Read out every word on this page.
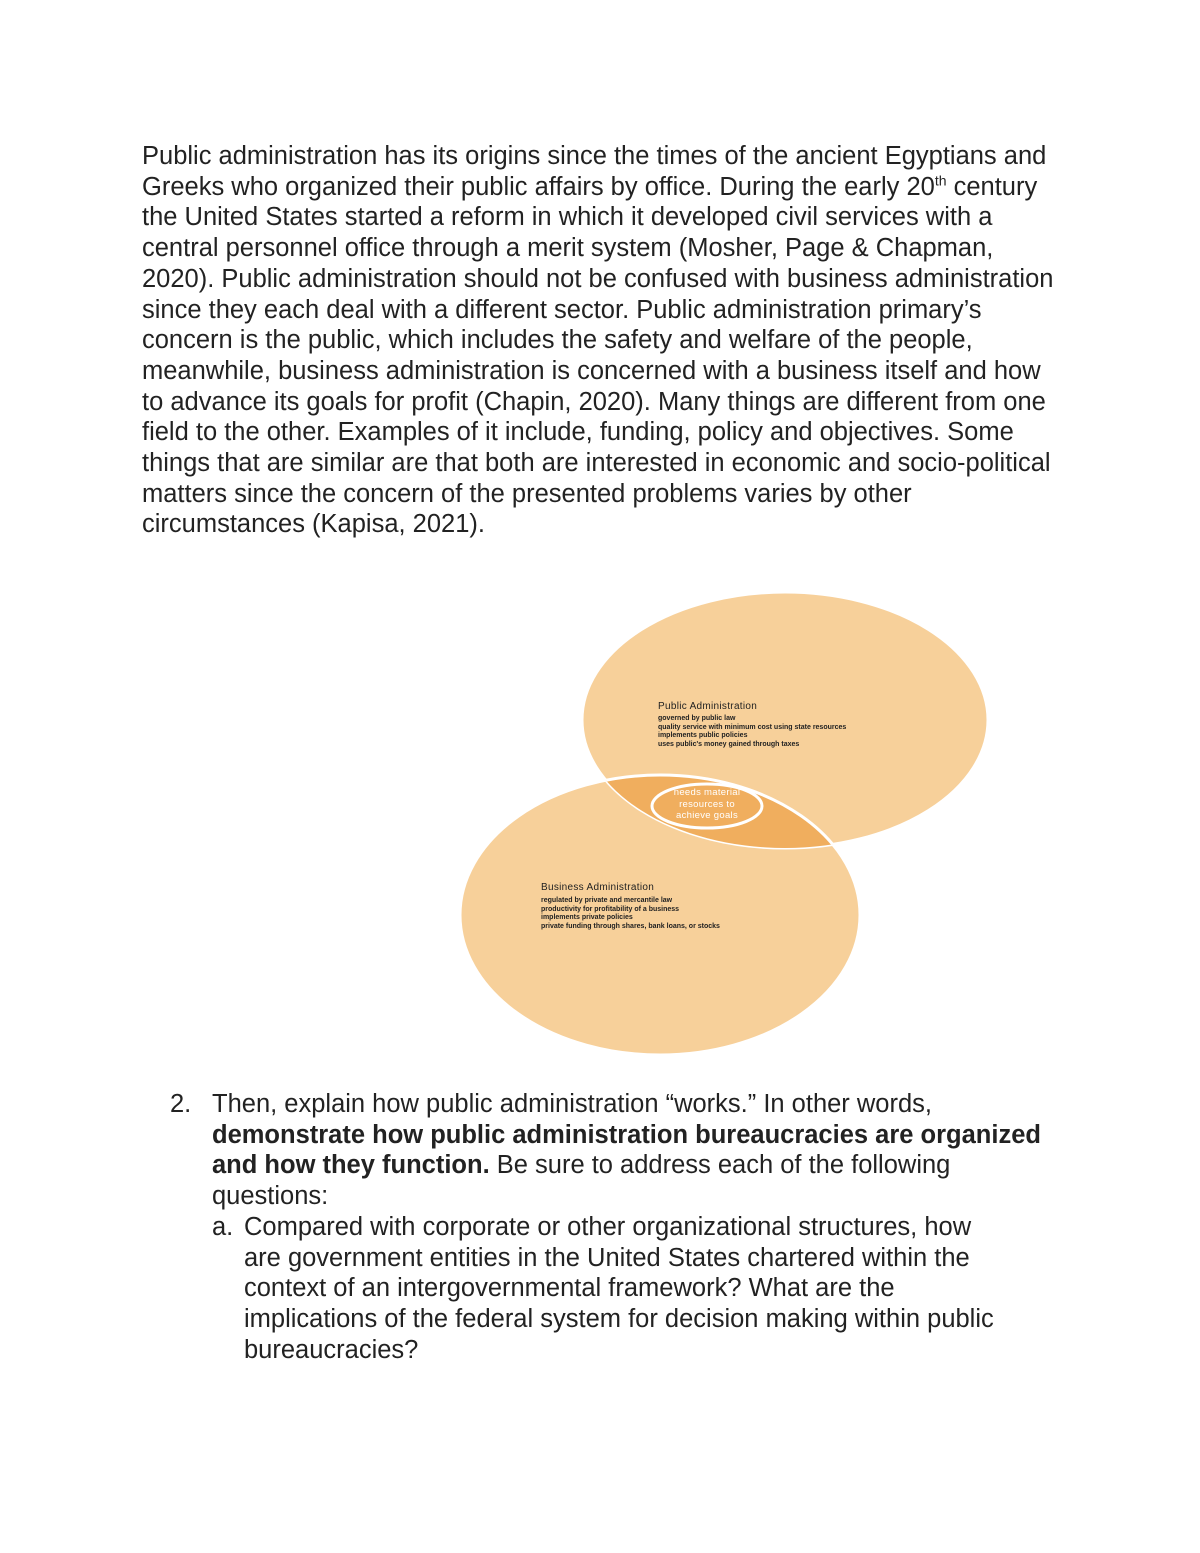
Public administration has its origins since the times of the ancient Egyptians and Greeks who organized their public affairs by office. During the early 20th century the United States started a reform in which it developed civil services with a central personnel office through a merit system (Mosher, Page & Chapman, 2020). Public administration should not be confused with business administration since they each deal with a different sector. Public administration primary’s concern is the public, which includes the safety and welfare of the people, meanwhile, business administration is concerned with a business itself and how to advance its goals for profit (Chapin, 2020). Many things are different from one field to the other. Examples of it include, funding, policy and objectives. Some things that are similar are that both are interested in economic and socio-political matters since the concern of the presented problems varies by other circumstances (Kapisa, 2021).

Public Administration
governed by public law
quality service with minimum cost using state resources
implements public policies
uses public's money gained through taxes
needs material
resources to
achieve goals
Business Administration
regulated by private and mercantile law
productivity for profitability of a business
implements private policies
private funding through shares, bank loans, or stocks
2. Then, explain how public administration “works.” In other words, demonstrate how public administration bureaucracies are organized and how they function. Be sure to address each of the following questions:
a. Compared with corporate or other organizational structures, how are government entities in the United States chartered within the context of an intergovernmental framework? What are the implications of the federal system for decision making within public bureaucracies?
